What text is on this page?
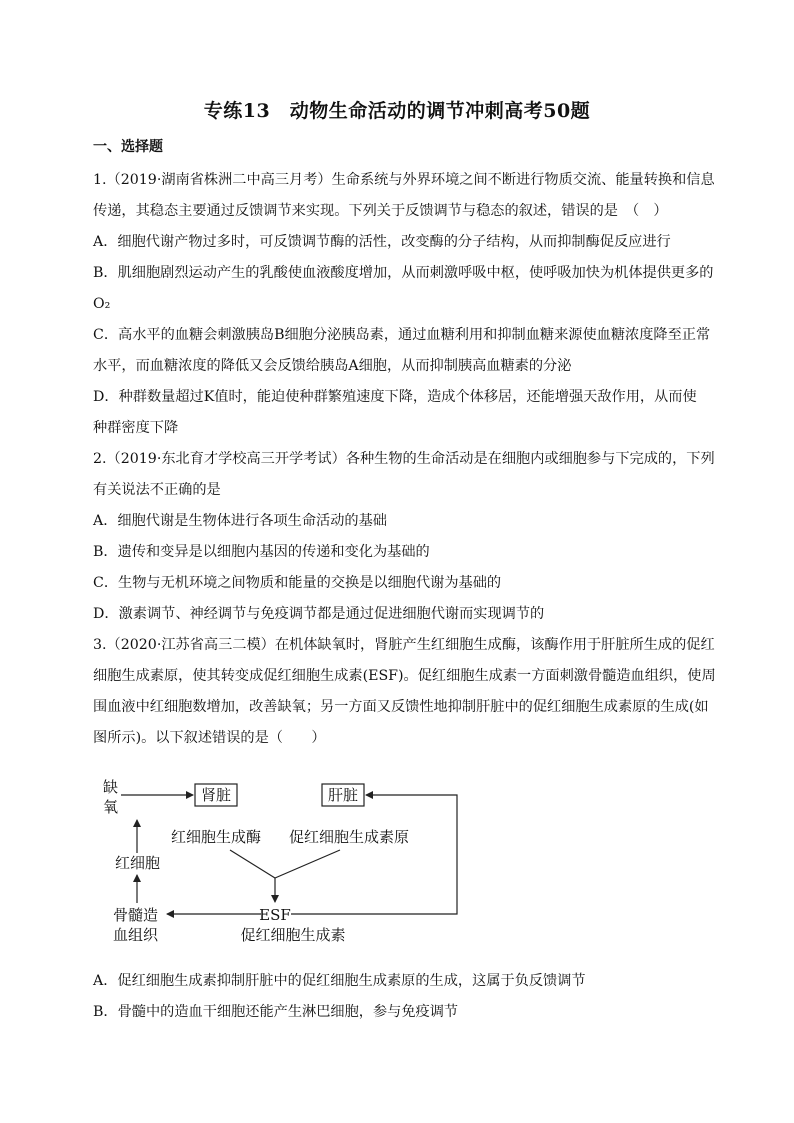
专练13　动物生命活动的调节冲刺高考50题
一、选择题
1.（2019·湖南省株洲二中高三月考）生命系统与外界环境之间不断进行物质交流、能量转换和信息
传递，其稳态主要通过反馈调节来实现。下列关于反馈调节与稳态的叙述，错误的是　（　）
A．细胞代谢产物过多时，可反馈调节酶的活性，改变酶的分子结构，从而抑制酶促反应进行
B．肌细胞剧烈运动产生的乳酸使血液酸度增加，从而刺激呼吸中枢，使呼吸加快为机体提供更多的
O₂
C．高水平的血糖会刺激胰岛B细胞分泌胰岛素，通过血糖利用和抑制血糖来源使血糖浓度降至正常
水平，而血糖浓度的降低又会反馈给胰岛A细胞，从而抑制胰高血糖素的分泌
D．种群数量超过K值时，能迫使种群繁殖速度下降，造成个体移居，还能增强天敌作用，从而使
种群密度下降
2.（2019·东北育才学校高三开学考试）各种生物的生命活动是在细胞内或细胞参与下完成的，下列
有关说法不正确的是
A．细胞代谢是生物体进行各项生命活动的基础
B．遗传和变异是以细胞内基因的传递和变化为基础的
C．生物与无机环境之间物质和能量的交换是以细胞代谢为基础的
D．激素调节、神经调节与免疫调节都是通过促进细胞代谢而实现调节的
3.（2020·江苏省高三二模）在机体缺氧时，肾脏产生红细胞生成酶，该酶作用于肝脏所生成的促红
细胞生成素原，使其转变成促红细胞生成素(ESF)。促红细胞生成素一方面刺激骨髓造血组织，使周
围血液中红细胞数增加，改善缺氧；另一方面又反馈性地抑制肝脏中的促红细胞生成素原的生成(如
图所示)。以下叙述错误的是（　　）
缺
氧
肾脏	肝脏
红细胞生成酶 促红细胞生成素原
红细胞
骨髓造
血组织
ESF
促红细胞生成素
A．促红细胞生成素抑制肝脏中的促红细胞生成素原的生成，这属于负反馈调节
B．骨髓中的造血干细胞还能产生淋巴细胞，参与免疫调节
